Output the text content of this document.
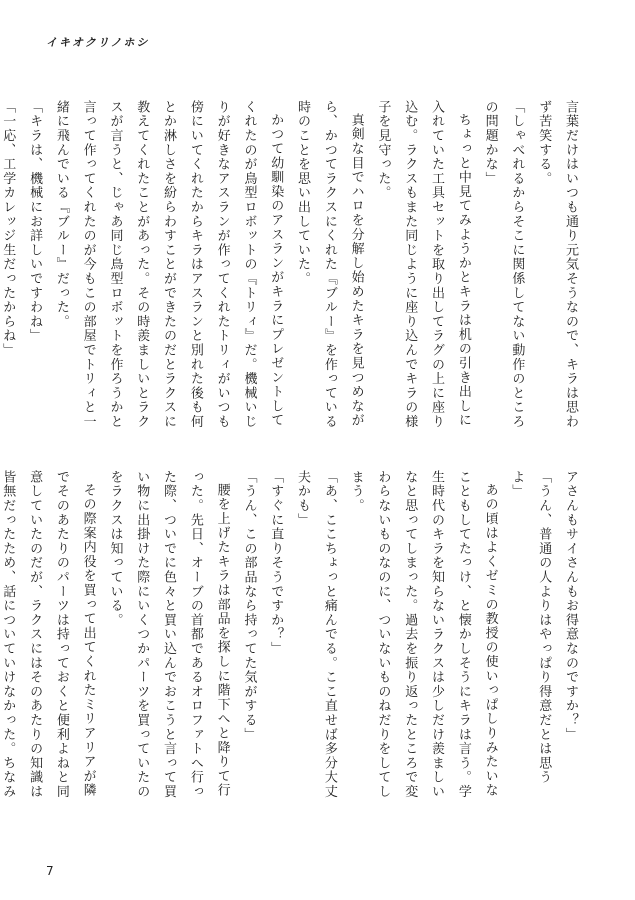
イキオクリノホシ

言葉だけはいつも通り元気そうなので、キラは思わず苦笑する。

「しゃべれるからそこに関係してない動作のところの問題かな」

ちょっと中見てみようかとキラは机の引き出しに入れていた工具セットを取り出してラグの上に座り込む。ラクスもまた同じように座り込んでキラの様子を見守った。

真剣な目でハロを分解し始めたキラを見つめながら、かつてラクスにくれた『ブルー』を作っている時のことを思い出していた。

かつて幼馴染のアスランがキラにプレゼントしてくれたのが鳥型ロボットの『トリィ』だ。機械いじりが好きなアスランが作ってくれたトリィがいつも傍にいてくれたからキラはアスランと別れた後も何とか淋しさを紛らわすことができたのだとラクスに教えてくれたことがあった。その時羨ましいとラクスが言うと、じゃあ同じ鳥型ロボットを作ろうかと言って作ってくれたのが今もこの部屋でトリィと一緒に飛んでいる『ブルー』だった。

「キラは、機械にお詳しいですわね」

「一応、工学カレッジ生だったからね」

アさんもサイさんもお得意なのですか？」

「うん、普通の人よりはやっぱり得意だとは思うよ」

あの頃はよくゼミの教授の使いっぱしりみたいなこともしてたっけ、と懐かしそうにキラは言う。学生時代のキラを知らないラクスは少しだけ羨ましいなと思ってしまった。過去を振り返ったところで変わらないものなのに、ついないものねだりをしてしまう。

「あ、ここちょっと痛んでる。ここ直せば多分大丈夫かも」

「すぐに直りそうですか？」

「うん、この部品なら持ってた気がする」

腰を上げたキラは部品を探しに階下へと降りて行った。先日、オーブの首都であるオロファトへ行った際、ついでに色々と買い込んでおこうと言って買い物に出掛けた際にいくつかパーツを買っていたのをラクスは知っている。

その際案内役を買って出てくれたミリアリアが隣でそのあたりのパーツは持っておくと便利よねと同意していたのだが、ラクスにはそのあたりの知識は皆無だったため、話についていけなかった。ちなみ

7
